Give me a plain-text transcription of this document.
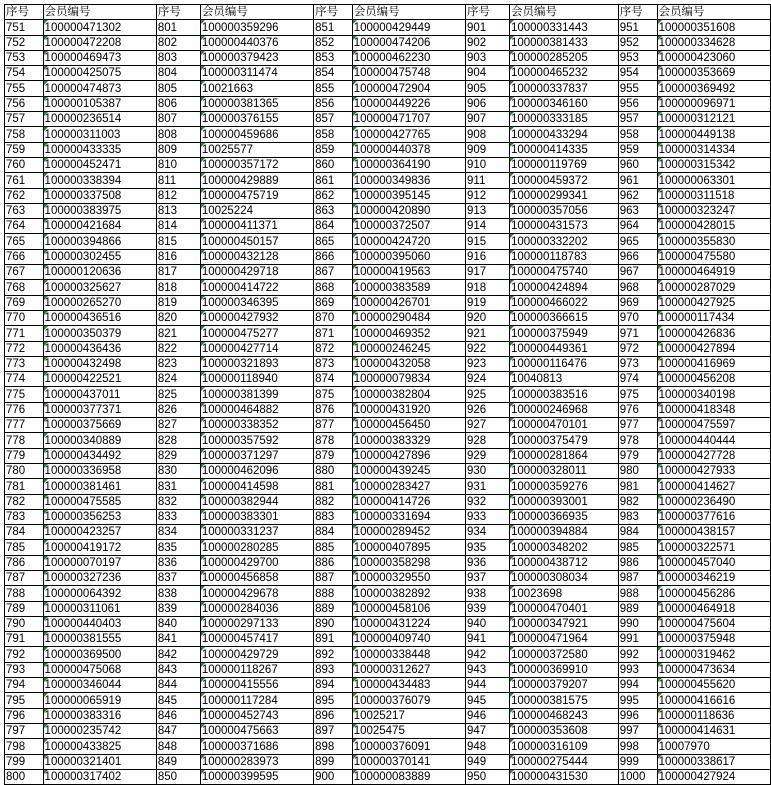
序号	会员编号	序号	会员编号	序号	会员编号	序号	会员编号	序号	会员编号
751	100000471302	801	100000359296	851	100000429449	901	100000331443	951	100000351608
752	100000472208	802	100000440376	852	100000474206	902	100000381433	952	100000334628
753	100000469473	803	100000379423	853	100000462230	903	100000285205	953	100000423060
754	100000425075	804	100000311474	854	100000475748	904	100000465232	954	100000353669
755	100000474873	805	10021663	855	100000472904	905	100000337837	955	100000369492
756	100000105387	806	100000381365	856	100000449226	906	100000346160	956	100000096971
757	100000236514	807	100000376155	857	100000471707	907	100000333185	957	100000312121
758	100000311003	808	100000459686	858	100000427765	908	100000433294	958	100000449138
759	100000433335	809	10025577	859	100000440378	909	100000414335	959	100000314334
760	100000452471	810	100000357172	860	100000364190	910	100000119769	960	100000315342
761	100000338394	811	100000429889	861	100000349836	911	100000459372	961	100000063301
762	100000337508	812	100000475719	862	100000395145	912	100000299341	962	100000311518
763	100000383975	813	10025224	863	100000420890	913	100000357056	963	100000323247
764	100000421684	814	100000411371	864	100000372507	914	100000431573	964	100000428015
765	100000394866	815	100000450157	865	100000424720	915	100000332202	965	100000355830
766	100000302455	816	100000432128	866	100000395060	916	100000118783	966	100000475580
767	100000120636	817	100000429718	867	100000419563	917	100000475740	967	100000464919
768	100000325627	818	100000414722	868	100000383589	918	100000424894	968	100000287029
769	100000265270	819	100000346395	869	100000426701	919	100000466022	969	100000427925
770	100000436516	820	100000427932	870	100000290484	920	100000366615	970	100000117434
771	100000350379	821	100000475277	871	100000469352	921	100000375949	971	100000426836
772	100000436436	822	100000427714	872	100000246245	922	100000449361	972	100000427894
773	100000432498	823	100000321893	873	100000432058	923	100000116476	973	100000416969
774	100000422521	824	100000118940	874	100000079834	924	10040813	974	100000456208
775	100000437011	825	100000381399	875	100000382804	925	100000383516	975	100000340198
776	100000377371	826	100000464882	876	100000431920	926	100000246968	976	100000418348
777	100000375669	827	100000338352	877	100000456450	927	100000470101	977	100000475597
778	100000340889	828	100000357592	878	100000383329	928	100000375479	978	100000440444
779	100000434492	829	100000371297	879	100000427896	929	100000281864	979	100000427728
780	100000336958	830	100000462096	880	100000439245	930	100000328011	980	100000427933
781	100000381461	831	100000414598	881	100000283427	931	100000359276	981	100000414627
782	100000475585	832	100000382944	882	100000414726	932	100000393001	982	100000236490
783	100000356253	833	100000383301	883	100000331694	933	100000366935	983	100000377616
784	100000423257	834	100000331237	884	100000289452	934	100000394884	984	100000438157
785	100000419172	835	100000280285	885	100000407895	935	100000348202	985	100000322571
786	100000070197	836	100000429700	886	100000358298	936	100000438712	986	100000457040
787	100000327236	837	100000456858	887	100000329550	937	100000308034	987	100000346219
788	100000064392	838	100000429678	888	100000382892	938	10023698	988	100000456286
789	100000311061	839	100000284036	889	100000458106	939	100000470401	989	100000464918
790	100000440403	840	100000297133	890	100000431224	940	100000347921	990	100000475604
791	100000381555	841	100000457417	891	100000409740	941	100000471964	991	100000375948
792	100000369500	842	100000429729	892	100000338448	942	100000372580	992	100000319462
793	100000475068	843	100000118267	893	100000312627	943	100000369910	993	100000473634
794	100000346044	844	100000415556	894	100000434483	944	100000379207	994	100000455620
795	100000065919	845	100000117284	895	100000376079	945	100000381575	995	100000416616
796	100000383316	846	100000452743	896	10025217	946	100000468243	996	100000118636
797	100000235742	847	100000475663	897	10025475	947	100000353608	997	100000414631
798	100000433825	848	100000371686	898	100000376091	948	100000316109	998	10007970
799	100000321401	849	100000283973	899	100000370141	949	100000275444	999	100000338617
800	100000317402	850	100000399595	900	100000083889	950	100000431530	1000	100000427924
